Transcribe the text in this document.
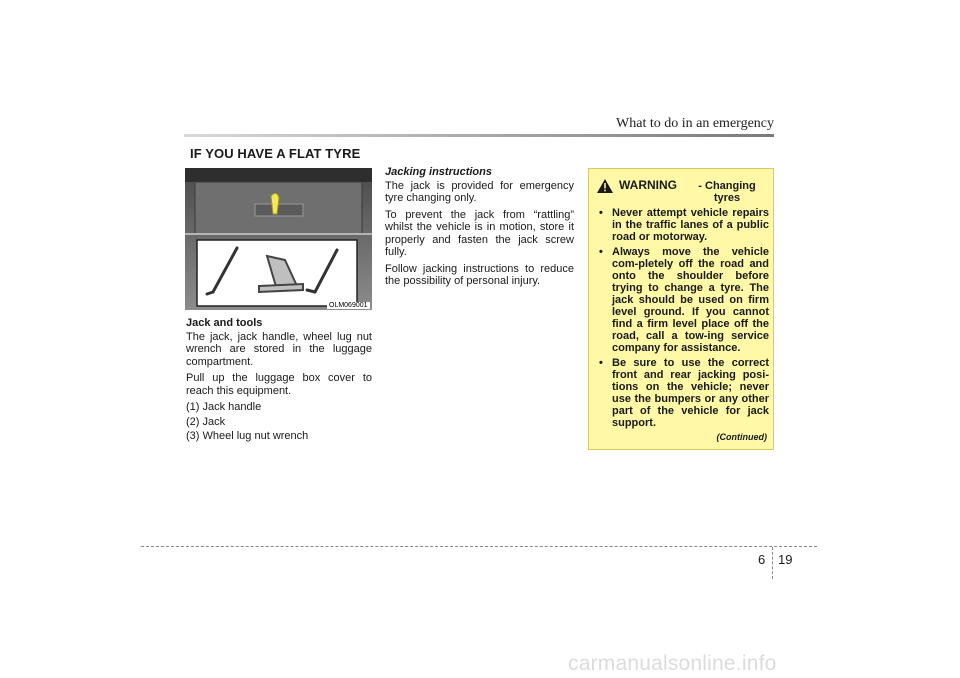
What to do in an emergency
IF YOU HAVE A FLAT TYRE
OLM069001

Jack and tools

The jack, jack handle, wheel lug nut wrench are stored in the luggage compartment.

Pull up the luggage box cover to reach this equipment.

(1) Jack handle

(2) Jack

(3) Wheel lug nut wrench

Jacking instructions

The jack is provided for emergency tyre changing only.

To prevent the jack from “rattling” whilst the vehicle is in motion, store it properly and fasten the jack screw fully.

Follow jacking instructions to reduce the possibility of personal injury.

WARNING	- Changing tyres
• Never attempt vehicle repairs in the traffic lanes of a public road or motorway.
• Always move the vehicle com-pletely off the road and onto the shoulder before trying to change a tyre. The jack should be used on firm level ground. If you cannot find a firm level place off the road, call a tow-ing service company for assistance.
• Be sure to use the correct front and rear jacking posi-tions on the vehicle; never use the bumpers or any other part of the vehicle for jack support.
(Continued)
6 19
carmanualsonline.info
